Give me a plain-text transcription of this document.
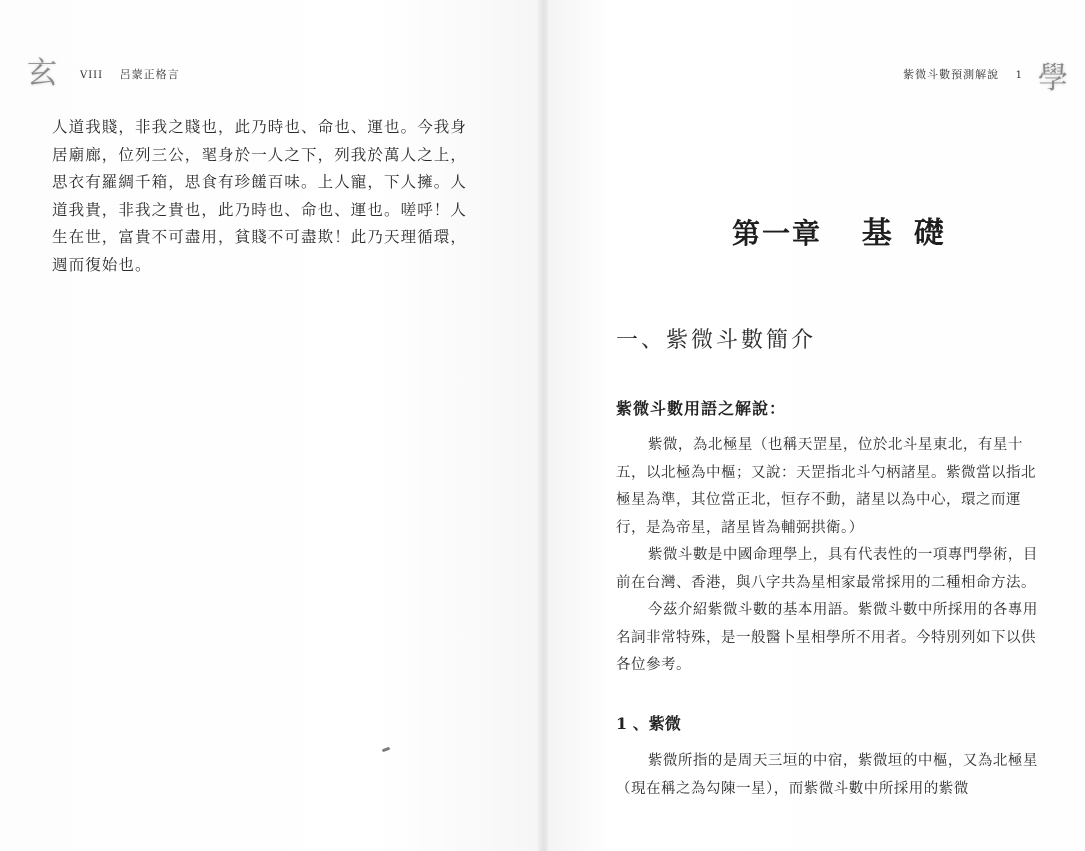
玄	VIII 呂蒙正格言

人道我賤，非我之賤也，此乃時也、命也、運也。今我身居廟廊，位列三公，毣身於一人之下，列我於萬人之上，思衣有羅綢千箱，思食有珍饈百味。上人寵，下人擁。人道我貴，非我之貴也，此乃時也、命也、運也。嗟呼！人生在世，富貴不可盡用，貧賤不可盡欺！此乃天理循環，週而復始也。

學
紫微斗數預測解說 1
第一章 基礎
一、紫微斗數簡介
紫微斗數用語之解說：

紫微，為北極星（也稱天罡星，位於北斗星東北，有星十五，以北極為中樞；又說：天罡指北斗勺柄諸星。紫微當以指北極星為準，其位當正北，恒存不動，諸星以為中心，環之而運行，是為帝星，諸星皆為輔弼拱衛。）

紫微斗數是中國命理學上，具有代表性的一項專門學術，目前在台灣、香港，與八字共為星相家最常採用的二種相命方法。

今茲介紹紫微斗數的基本用語。紫微斗數中所採用的各專用名詞非常特殊，是一般醫卜星相學所不用者。今特別列如下以供各位參考。

1 、紫微

紫微所指的是周天三垣的中宿，紫微垣的中樞，又為北極星（現在稱之為勾陳一星），而紫微斗數中所採用的紫微
